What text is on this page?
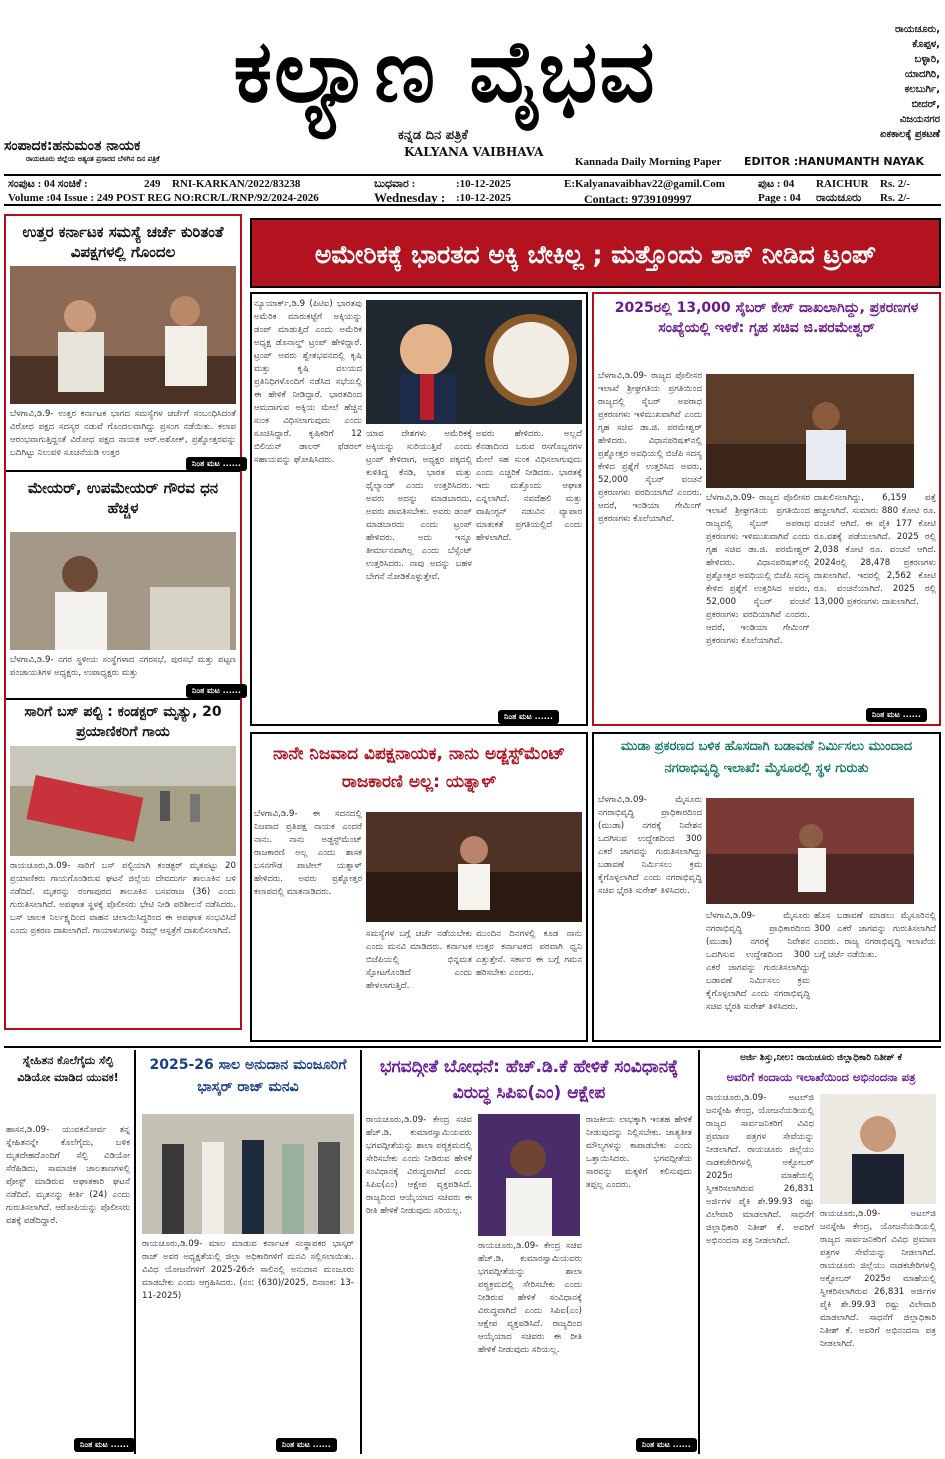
ಕಲ್ಯಾಣ ವೈಭವ	ರಾಯಚೂರು,
ಕೊಪ್ಪಳ,
ಬಳ್ಳಾರಿ,
ಯಾದಗಿರಿ,
ಕಲಬುರ್ಗಿ,
ಬೀದರ್,
ವಿಜಯನಗರ
ಏಕಕಾಲಕ್ಕೆ ಪ್ರಕಟಣೆ
ಸಂಪಾದಕ:ಹನುಮಂತ ನಾಯಕ
ಕನ್ನಡ ದಿನ ಪತ್ರಿಕೆ
ರಾಯಚೂರು ಜಿಲ್ಲೆಯ ಅತ್ಯಂತ ಪ್ರಸಾರದ ಬೆಳಗಿನ ದಿನ ಪತ್ರಿಕೆ	KALYANA VAIBHAVA
Kannada Daily Morning Paper EDITOR :HANUMANTH NAYAK
ಸಂಪುಟ : 04 ಸಂಚಿಕೆ :	249 RNI-KARKAN/2022/83238
Volume :04 Issue : 249 POST REG NO:RCR/L/RNP/92/2024-2026
ಬುಧವಾರ :	:10-12-2025
Wednesday : :10-12-2025
E:Kalyanavaibhav22@gamil.Com
Contact: 9739109997
ಪುಟ : 04
Page : 04
RAICHUR
ರಾಯಚೂರು
Rs. 2/-
Rs. 2/-
ಉತ್ತರ ಕರ್ನಾಟಕ ಸಮಸ್ಯೆ ಚರ್ಚೆ ಕುರಿತಂತೆ ವಿಪಕ್ಷಗಳಲ್ಲಿ ಗೊಂದಲ
ಬೆಳಗಾವಿ,ಡಿ.9- ಉತ್ತರ ಕರ್ನಾಟಕ ಭಾಗದ ಸಮಸ್ಯೆಗಳ ಚರ್ಚೆಗೆ ಸಂಬಂಧಿಸಿದಂತೆ ವಿರೋಧ ಪಕ್ಷದ ಸದಸ್ಯರ ನಡುವೆ ಗೊಂದಲವಾಗಿದ್ದು ಪ್ರಸಂಗ ನಡೆಯಿತು. ಕಲಾಪ ಆರಂಭವಾಗುತ್ತಿದ್ದಂತೆ ವಿರೋಧ ಪಕ್ಷದ ನಾಯಕ ಆರ್.ಅಶೋಕ್, ಪ್ರಶ್ನೋತ್ತರವನ್ನು ಬದಿಗಿಟ್ಟು ನಿಲುವಳಿ ಸೂಚನೆಯಡಿ ಉತ್ತರ
ನಿಂತ ಮಟ ......
ಮೇಯರ್, ಉಪಮೇಯರ್ ಗೌರವ ಧನ ಹೆಚ್ಚಳ
ಬೆಳಗಾವಿ,ಡಿ.9- ನಗರ ಸ್ಥಳೀಯ ಸಂಸ್ಥೆಗಳಾದ ನಗರಸಭೆ, ಪುರಸಭೆ ಮತ್ತು ಪಟ್ಟಣ ಪಂಚಾಯತಿಗಳ ಅಧ್ಯಕ್ಷರು, ಉಪಾಧ್ಯಕ್ಷರು ಮತ್ತು
ನಿಂತ ಮಟ ......
ಸಾರಿಗೆ ಬಸ್ ಪಲ್ಟಿ : ಕಂಡಕ್ಟರ್ ಮೃತ್ಯು, 20 ಪ್ರಯಾಣಿಕರಿಗೆ ಗಾಯ
ರಾಯಚೂರು,ಡಿ.09- ಸಾರಿಗೆ ಬಸ್ ಪಲ್ಟಿಯಾಗಿ ಕಂಡಕ್ಟರ್ ಮೃತಪಟ್ಟು 20 ಪ್ರಯಾಣಿಕರು ಗಾಯಗೊಂಡಿರುವ ಘಟನೆ ಜಿಲ್ಲೆಯ ದೇವದುರ್ಗ ತಾಲೂಕಿನ ಬಳಿ ನಡೆದಿದೆ. ಮೃತರನ್ನು ರಂಗಾಪುರದ ತಾಲೂಕಿನ ಬಸವರಾಜ (36) ಎಂದು ಗುರುತಿಸಲಾಗಿದೆ. ಅಪಘಾತ ಸ್ಥಳಕ್ಕೆ ಪೊಲೀಸರು ಭೇಟಿ ನೀಡಿ ಪರಿಶೀಲನೆ ನಡೆಸಿದರು. ಬಸ್ ಚಾಲಕ ನಿರ್ಲಕ್ಷ್ಯದಿಂದ ವಾಹನ ಚಲಾಯಿಸಿದ್ದರಿಂದ ಈ ಅಪಘಾತ ಸಂಭವಿಸಿದೆ ಎಂದು ಪ್ರಕರಣ ದಾಖಲಾಗಿದೆ. ಗಾಯಾಳುಗಳನ್ನು ರಿಮ್ಸ್ ಆಸ್ಪತ್ರೆಗೆ ದಾಖಲಿಸಲಾಗಿದೆ.
ಅಮೇರಿಕಕ್ಕೆ ಭಾರತದ ಅಕ್ಕಿ ಬೇಕಿಲ್ಲ ; ಮತ್ತೊಂದು ಶಾಕ್ ನೀಡಿದ ಟ್ರಂಪ್
ನ್ಯೂಯಾರ್ಕ್,ಡಿ.9 (ಪಿಟಿಐ) ಭಾರತವು ಅಮೆರಿಕ ಮಾರುಕಟ್ಟೆಗೆ ಅಕ್ಕಿಯನ್ನು ಡಂಪ್ ಮಾಡುತ್ತಿದೆ ಎಂದು ಅಮೆರಿಕ ಅಧ್ಯಕ್ಷ ಡೊನಾಲ್ಡ್ ಟ್ರಂಪ್ ಹೇಳಿದ್ದಾರೆ. ಟ್ರಂಪ್ ಅವರು ಶ್ವೇತಭವನದಲ್ಲಿ ಕೃಷಿ ಮತ್ತು ಕೃಷಿ ವಲಯದ ಪ್ರತಿನಿಧಿಗಳೊಂದಿಗೆ ನಡೆಸಿದ ಸಭೆಯಲ್ಲಿ ಈ ಹೇಳಿಕೆ ನೀಡಿದ್ದಾರೆ. ಭಾರತದಿಂದ ಆಮದಾಗುವ ಅಕ್ಕಿಯ ಮೇಲೆ ಹೆಚ್ಚಿನ ಸುಂಕ ವಿಧಿಸಲಾಗುವುದು ಎಂದು ಸೂಚಿಸಿದ್ದಾರೆ. ಕೃಷಿಕರಿಗೆ 12 ಬಿಲಿಯನ್ ಡಾಲರ್ ಫೆಡರಲ್ ಸಹಾಯವನ್ನು ಘೋಷಿಸಿದರು.
ಯಾವ ದೇಶಗಳು ಅಮೆರಿಕಕ್ಕೆ ಅಕ್ಕಿಯನ್ನು ಸುರಿಯುತ್ತಿವೆ ಎಂದು ಟ್ರಂಪ್ ಕೇಳಿದಾಗ, ಅಧ್ಯಕ್ಷರ ಪಕ್ಕದಲ್ಲಿ ಕುಳಿತಿದ್ದ ಕೆನಡಿ, ಭಾರತ ಮತ್ತು ಥೈಲ್ಯಾಂಡ್ ಎಂದು ಉತ್ತರಿಸಿದರು. ಅವರು ಅದನ್ನು ಮಾಡಬಾರದು, ಅವರು ಪಾವತಿಸಬೇಕು. ಅವರು ಡಂಪ್ ಮಾಡಬಾರದು ಎಂದು ಟ್ರಂಪ್ ಹೇಳಿದರು. ಅದು ಇನ್ನೂ ತೀರ್ಮಾನವಾಗಿಲ್ಲ ಎಂದು ಬೆಸ್ಸೆಂಟ್ ಉತ್ತರಿಸಿದರು. ನಾವು ಅದನ್ನು ಬಹಳ ಬೇಗನೆ ನೋಡಿಕೊಳ್ಳುತ್ತೇವೆ.
ಅವರು ಹೇಳಿದರು. ಅಲ್ಲದೆ ಕೆನಡಾದಿಂದ ಬರುವ ರಸಗೊಬ್ಬರಗಳ ಮೇಲೆ ಸಹ ಸುಂಕ ವಿಧಿಸಲಾಗುವುದು ಎಂದು ಎಚ್ಚರಿಕೆ ನೀಡಿದರು. ಭಾರತಕ್ಕೆ ಇದು ಮತ್ತೊಂದು ಆಘಾತ ಎನ್ನಲಾಗಿದೆ. ನವದೆಹಲಿ ಮತ್ತು ವಾಷಿಂಗ್ಟನ್ ನಡುವಿನ ವ್ಯಾಪಾರ ಮಾತುಕತೆ ಪ್ರಗತಿಯಲ್ಲಿದೆ ಎಂದು ಹೇಳಲಾಗಿದೆ.
ನಿಂತ ಮಟ ......
2025ರಲ್ಲಿ 13,000 ಸೈಬರ್ ಕೇಸ್ ದಾಖಲಾಗಿದ್ದು, ಪ್ರಕರಣಗಳ ಸಂಖ್ಯೆಯಲ್ಲಿ ಇಳಿಕೆ: ಗೃಹ ಸಚಿವ ಜಿ.ಪರಮೇಶ್ವರ್
ಬೆಳಗಾವಿ,ಡಿ.09- ರಾಜ್ಯದ ಪೊಲೀಸರ ಇಲಾಖೆ ಶ್ರೀಘ್ರಗತಿಯ ಪ್ರಗತಿಯಿಂದ ರಾಜ್ಯದಲ್ಲಿ ಸೈಬರ್ ಅಪರಾಧ ಪ್ರಕರಣಗಳು ಇಳಿಮುಖವಾಗಿವೆ ಎಂದು ಗೃಹ ಸಚಿವ ಡಾ.ಜಿ. ಪರಮೇಶ್ವರ್ ಹೇಳಿದರು. ವಿಧಾನಪರಿಷತ್‌ನಲ್ಲಿ ಪ್ರಶ್ನೋತ್ತರ ಅವಧಿಯಲ್ಲಿ ಬಿಜೆಪಿ ಸದಸ್ಯ ಕೇಳಿದ ಪ್ರಶ್ನೆಗೆ ಉತ್ತರಿಸಿದ ಅವರು, 52,000 ಸೈಬರ್ ವಂಚನೆ ಪ್ರಕರಣಗಳು ವರದಿಯಾಗಿವೆ ಎಂದರು. ಆದರೆ, ಇಂಡಿಯಾ ಗೇಮಿಂಗ್ ಪ್ರಕರಣಗಳು ಕೊಲೆಯಾಗಿವೆ.
ಬೆಳಗಾವಿ,ಡಿ.09- ರಾಜ್ಯದ ಪೊಲೀಸರ ಇಲಾಖೆ ಶ್ರೀಘ್ರಗತಿಯ ಪ್ರಗತಿಯಿಂದ ರಾಜ್ಯದಲ್ಲಿ ಸೈಬರ್ ಅಪರಾಧ ಪ್ರಕರಣಗಳು ಇಳಿಮುಖವಾಗಿವೆ ಎಂದು ಗೃಹ ಸಚಿವ ಡಾ.ಜಿ. ಪರಮೇಶ್ವರ್ ಹೇಳಿದರು. ವಿಧಾನಪರಿಷತ್‌ನಲ್ಲಿ ಪ್ರಶ್ನೋತ್ತರ ಅವಧಿಯಲ್ಲಿ ಬಿಜೆಪಿ ಸದಸ್ಯ ಕೇಳಿದ ಪ್ರಶ್ನೆಗೆ ಉತ್ತರಿಸಿದ ಅವರು, 52,000 ಸೈಬರ್ ವಂಚನೆ ಪ್ರಕರಣಗಳು ವರದಿಯಾಗಿವೆ ಎಂದರು. ಆದರೆ, ಇಂಡಿಯಾ ಗೇಮಿಂಗ್ ಪ್ರಕರಣಗಳು ಕೊಲೆಯಾಗಿವೆ.
ದಾಖಲಿಸಲಾಗಿದ್ದು, 6,159 ಪತ್ತೆ ಹಚ್ಚಲಾಗಿದೆ. ಸುಮಾರು 880 ಕೋಟಿ ರೂ. ವಂಚನೆ ಆಗಿದೆ. ಈ ಪೈಕಿ 177 ಕೋಟಿ ರೂ.ವಶಕ್ಕೆ ಪಡೆಯಲಾಗಿದೆ. 2025 ರಲ್ಲಿ 2,038 ಕೋಟಿ ರೂ. ವಂಚನೆ ಆಗಿದೆ. 2024ರಲ್ಲಿ 28,478 ಪ್ರಕರಣಗಳು ದಾಖಲಾಗಿವೆ. ಇದರಲ್ಲಿ 2,562 ಕೋಟಿ ರೂ. ವಂಚನೆಯಾಗಿದೆ. 2025 ರಲ್ಲಿ 13,000 ಪ್ರಕರಣಗಳು ದಾಖಲಾಗಿದೆ.
ನಿಂತ ಮಟ ......
ನಾನೇ ನಿಜವಾದ ವಿಪಕ್ಷನಾಯಕ, ನಾನು ಅಡ್ಜಸ್ಟ್‌ಮೆಂಟ್ ರಾಜಕಾರಣಿ ಅಲ್ಲ: ಯತ್ನಾಳ್
ಬೆಳಗಾವಿ,ಡಿ.9- ಈ ಸದನದಲ್ಲಿ ನಿಜವಾದ ಪ್ರತಿಪಕ್ಷ ನಾಯಕ ಎಂದರೆ ನಾನು. ನಾನು ಅಡ್ಜಸ್ಟ್‌ಮೆಂಟ್ ರಾಜಕಾರಣಿ ಅಲ್ಲ ಎಂದು ಶಾಸಕ ಬಸನಗೌಡ ಪಾಟೀಲ್ ಯತ್ನಾಳ್ ಹೇಳಿದರು. ಅವರು ಪ್ರಶ್ನೋತ್ತರ ಕಲಾಪದಲ್ಲಿ ಮಾತನಾಡಿದರು.
ಸಮಸ್ಯೆಗಳ ಬಗ್ಗೆ ಚರ್ಚೆ ನಡೆಯಬೇಕು ಎಂದು ಮನವಿ ಮಾಡಿದರು. ಕರ್ನಾಟಕ ಬಿಜೆಪಿಯಲ್ಲಿ ಭಿನ್ನಮತ ಸ್ಫೋಟಗೊಂಡಿದೆ ಎಂದು ಹೇಳಲಾಗುತ್ತಿದೆ.
ಮುಂದಿನ ದಿನಗಳಲ್ಲಿ ಕೂಡ ನಾನು ಉತ್ತರ ಕರ್ನಾಟಕದ ಪರವಾಗಿ ಧ್ವನಿ ಎತ್ತುತ್ತೇನೆ. ಸರ್ಕಾರ ಈ ಬಗ್ಗೆ ಗಮನ ಹರಿಸಬೇಕು ಎಂದರು.
ಮುಡಾ ಪ್ರಕರಣದ ಬಳಿಕ ಹೊಸದಾಗಿ ಬಡಾವಣೆ ನಿರ್ಮಿಸಲು ಮುಂದಾದ ನಗರಾಭಿವೃದ್ಧಿ ಇಲಾಖೆ: ಮೈಸೂರಲ್ಲಿ ಸ್ಥಳ ಗುರುತು
ಬೆಳಗಾವಿ,ಡಿ.09- ಮೈಸೂರು ನಗರಾಭಿವೃದ್ಧಿ ಪ್ರಾಧಿಕಾರದಿಂದ (ಮುಡಾ) ನಗರಕ್ಕೆ ನಿವೇಶನ ಒದಗಿಸುವ ಉದ್ದೇಶದಿಂದ 300 ಎಕರೆ ಜಾಗವನ್ನು ಗುರುತಿಸಲಾಗಿದ್ದು ಬಡಾವಣೆ ನಿರ್ಮಿಸಲು ಕ್ರಮ ಕೈಗೊಳ್ಳಲಾಗಿದೆ ಎಂದು ನಗರಾಭಿವೃದ್ಧಿ ಸಚಿವ ಭೈರತಿ ಸುರೇಶ್ ತಿಳಿಸಿದರು.
ಬೆಳಗಾವಿ,ಡಿ.09- ಮೈಸೂರು ನಗರಾಭಿವೃದ್ಧಿ ಪ್ರಾಧಿಕಾರದಿಂದ (ಮುಡಾ) ನಗರಕ್ಕೆ ನಿವೇಶನ ಒದಗಿಸುವ ಉದ್ದೇಶದಿಂದ 300 ಎಕರೆ ಜಾಗವನ್ನು ಗುರುತಿಸಲಾಗಿದ್ದು ಬಡಾವಣೆ ನಿರ್ಮಿಸಲು ಕ್ರಮ ಕೈಗೊಳ್ಳಲಾಗಿದೆ ಎಂದು ನಗರಾಭಿವೃದ್ಧಿ ಸಚಿವ ಭೈರತಿ ಸುರೇಶ್ ತಿಳಿಸಿದರು.
ಹೊಸ ಬಡಾವಣೆ ಮಾಡಲು ಮೈಸೂರಿನಲ್ಲಿ 300 ಎಕರೆ ಜಾಗವನ್ನು ಗುರುತಿಸಲಾಗಿದೆ ಎಂದರು. ರಾಜ್ಯ ನಗರಾಭಿವೃದ್ಧಿ ಇಲಾಖೆಯ ಬಗ್ಗೆ ಚರ್ಚೆ ನಡೆಯಿತು.
ಸ್ನೇಹಿತನ ಕೊಲೆಗೈದು ಸೆಲ್ಫಿ ವಿಡಿಯೋ ಮಾಡಿದ ಯುವಕ!
ಹಾಸನ,ಡಿ.09- ಯುವಕನೋರ್ವ ತನ್ನ ಸ್ನೇಹಿತನನ್ನೇ ಕೊಲೆಗೈದು, ಬಳಿಕ ಮೃತದೇಹದೊಂದಿಗೆ ಸೆಲ್ಫಿ ವಿಡಿಯೋ ಸೆರೆಹಿಡಿದು, ಸಾಮಾಜಿಕ ಜಾಲತಾಣಗಳಲ್ಲಿ ಪೋಸ್ಟ್ ಮಾಡಿರುವ ಆಘಾತಕಾರಿ ಘಟನೆ ನಡೆದಿದೆ. ಮೃತನನ್ನು ಕೀರ್ತಿ (24) ಎಂದು ಗುರುತಿಸಲಾಗಿದೆ. ಆರೋಪಿಯನ್ನು ಪೊಲೀಸರು ವಶಕ್ಕೆ ಪಡೆದಿದ್ದಾರೆ.
ನಿಂತ ಮಟ ......
2025-26 ಸಾಲ ಅನುದಾನ ಮಂಜೂರಿಗೆ ಭಾಸ್ಕರ್ ರಾಜ್ ಮನವಿ
ರಾಯಚೂರು,ಡಿ.09- ಮಾಲ ಮಾಡುವ ಕರ್ನಾಟಕ ಸಂಸ್ಥಾಪಕರ ಭಾಸ್ಕರ್ ರಾಜ್ ಅವರ ಅಧ್ಯಕ್ಷತೆಯಲ್ಲಿ ಜಿಲ್ಲಾ ಅಧಿಕಾರಿಗಳಿಗೆ ಮನವಿ ಸಲ್ಲಿಸಲಾಯಿತು. ವಿವಿಧ ಯೋಜನೆಗಳಿಗೆ 2025-26ನೇ ಸಾಲಿನಲ್ಲಿ ಅನುದಾನ ಮಂಜೂರು ಮಾಡಬೇಕು ಎಂದು ಆಗ್ರಹಿಸಿದರು. (ನಂ: (630)/2025, ದಿನಾಂಕ: 13-11-2025)
ನಿಂತ ಮಟ ......
ಭಗವದ್ಗೀತೆ ಬೋಧನೆ: ಹೆಚ್.ಡಿ.ಕೆ ಹೇಳಿಕೆ ಸಂವಿಧಾನಕ್ಕೆ ವಿರುದ್ಧ ಸಿಪಿಐ(ಎಂ) ಆಕ್ಷೇಪ
ರಾಯಚೂರು,ಡಿ.09- ಕೇಂದ್ರ ಸಚಿವ ಹೆಚ್.ಡಿ. ಕುಮಾರಸ್ವಾಮಿಯವರು ಭಗವದ್ಗೀತೆಯನ್ನು ಶಾಲಾ ಪಠ್ಯಕ್ರಮದಲ್ಲಿ ಸೇರಿಸಬೇಕು ಎಂದು ನೀಡಿರುವ ಹೇಳಿಕೆ ಸಂವಿಧಾನಕ್ಕೆ ವಿರುದ್ಧವಾಗಿದೆ ಎಂದು ಸಿಪಿಐ(ಎಂ) ಆಕ್ಷೇಪ ವ್ಯಕ್ತಪಡಿಸಿದೆ. ರಾಜ್ಯದಿಂದ ಆಯ್ಕೆಯಾದ ಸಚಿವರು ಈ ರೀತಿ ಹೇಳಿಕೆ ನೀಡುವುದು ಸರಿಯಲ್ಲ.
ರಾಯಚೂರು,ಡಿ.09- ಕೇಂದ್ರ ಸಚಿವ ಹೆಚ್.ಡಿ. ಕುಮಾರಸ್ವಾಮಿಯವರು ಭಗವದ್ಗೀತೆಯನ್ನು ಶಾಲಾ ಪಠ್ಯಕ್ರಮದಲ್ಲಿ ಸೇರಿಸಬೇಕು ಎಂದು ನೀಡಿರುವ ಹೇಳಿಕೆ ಸಂವಿಧಾನಕ್ಕೆ ವಿರುದ್ಧವಾಗಿದೆ ಎಂದು ಸಿಪಿಐ(ಎಂ) ಆಕ್ಷೇಪ ವ್ಯಕ್ತಪಡಿಸಿದೆ. ರಾಜ್ಯದಿಂದ ಆಯ್ಕೆಯಾದ ಸಚಿವರು ಈ ರೀತಿ ಹೇಳಿಕೆ ನೀಡುವುದು ಸರಿಯಲ್ಲ.
ರಾಜಕೀಯ ಲಾಭಕ್ಕಾಗಿ ಇಂತಹ ಹೇಳಿಕೆ ನೀಡುವುದನ್ನು ನಿಲ್ಲಿಸಬೇಕು. ಜಾತ್ಯತೀತ ಮೌಲ್ಯಗಳನ್ನು ಕಾಪಾಡಬೇಕು ಎಂದು ಒತ್ತಾಯಿಸಿದರು. ಭಗವದ್ಗೀತೆಯ ಸಾರವನ್ನು ಮಕ್ಕಳಿಗೆ ಕಲಿಸುವುದು ತಪ್ಪಲ್ಲ ಎಂದರು.
ನಿಂತ ಮಟ ......
ಅರ್ಜಿ ಶಿಸ್ತು,ನೀಲ: ರಾಯಚೂರು ಜಿಲ್ಲಾಧಿಕಾರಿ ನಿತೀಶ್ ಕೆ
ಅವರಿಗೆ ಕಂದಾಯ ಇಲಾಖೆಯಿಂದ ಅಭಿನಂದನಾ ಪತ್ರ
ರಾಯಚೂರು,ಡಿ.09- ಅಟಲ್‌ಜಿ ಜನಸ್ನೇಹಿ ಕೇಂದ್ರ, ಯೋಜನೆಯಡಿಯಲ್ಲಿ ರಾಜ್ಯದ ಸಾರ್ವಜನಿಕರಿಗೆ ವಿವಿಧ ಪ್ರಮಾಣ ಪತ್ರಗಳ ಸೇವೆಯನ್ನು ನೀಡಲಾಗಿದೆ. ರಾಯಚೂರು ಜಿಲ್ಲೆಯು ನಾಡಕಚೇರಿಗಳಲ್ಲಿ ಅಕ್ಟೋಬರ್ 2025ರ ಮಾಹೆಯಲ್ಲಿ ಸ್ವೀಕರಿಸಲಾಗಿರುವ 26,831 ಅರ್ಜಿಗಳ ಪೈಕಿ ಶೇ.99.93 ರಷ್ಟು ವಿಲೇವಾರಿ ಮಾಡಲಾಗಿದೆ. ಸಾಧನೆಗೆ ಜಿಲ್ಲಾಧಿಕಾರಿ ನಿತೀಶ್ ಕೆ. ಅವರಿಗೆ ಅಭಿನಂದನಾ ಪತ್ರ ನೀಡಲಾಗಿದೆ.
ರಾಯಚೂರು,ಡಿ.09- ಅಟಲ್‌ಜಿ ಜನಸ್ನೇಹಿ ಕೇಂದ್ರ, ಯೋಜನೆಯಡಿಯಲ್ಲಿ ರಾಜ್ಯದ ಸಾರ್ವಜನಿಕರಿಗೆ ವಿವಿಧ ಪ್ರಮಾಣ ಪತ್ರಗಳ ಸೇವೆಯನ್ನು ನೀಡಲಾಗಿದೆ. ರಾಯಚೂರು ಜಿಲ್ಲೆಯು ನಾಡಕಚೇರಿಗಳಲ್ಲಿ ಅಕ್ಟೋಬರ್ 2025ರ ಮಾಹೆಯಲ್ಲಿ ಸ್ವೀಕರಿಸಲಾಗಿರುವ 26,831 ಅರ್ಜಿಗಳ ಪೈಕಿ ಶೇ.99.93 ರಷ್ಟು ವಿಲೇವಾರಿ ಮಾಡಲಾಗಿದೆ. ಸಾಧನೆಗೆ ಜಿಲ್ಲಾಧಿಕಾರಿ ನಿತೀಶ್ ಕೆ. ಅವರಿಗೆ ಅಭಿನಂದನಾ ಪತ್ರ ನೀಡಲಾಗಿದೆ.
